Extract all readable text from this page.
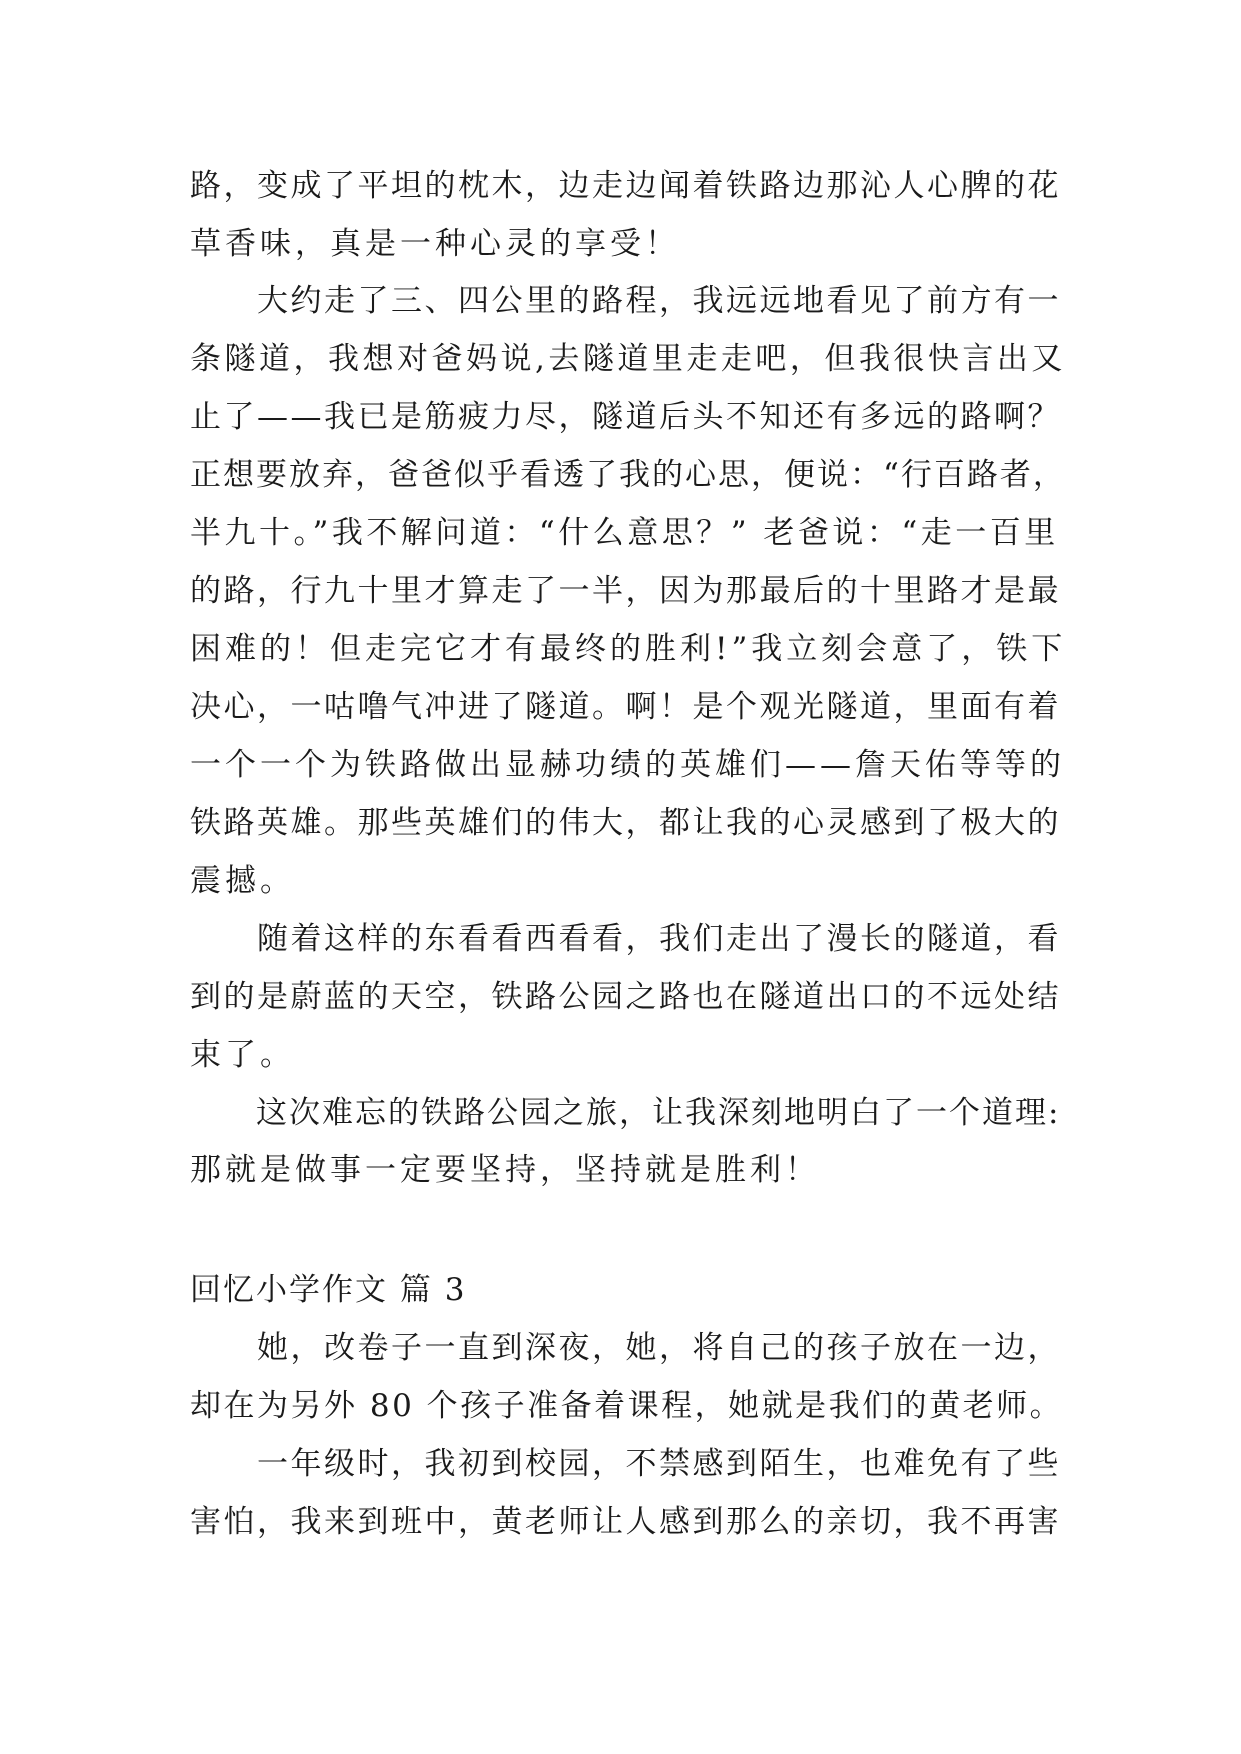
路，变成了平坦的枕木，边走边闻着铁路边那沁人心脾的花
草香味，真是一种心灵的享受！
　　大约走了三、四公里的路程，我远远地看见了前方有一
条隧道，我想对爸妈说,去隧道里走走吧，但我很快言出又
止了——我已是筋疲力尽，隧道后头不知还有多远的路啊？
正想要放弃，爸爸似乎看透了我的心思，便说：“行百路者，
半九十。”我不解问道：“什么意思？” 老爸说：“走一百里
的路，行九十里才算走了一半，因为那最后的十里路才是最
困难的！但走完它才有最终的胜利!”我立刻会意了，铁下
决心，一咕噜气冲进了隧道。啊！是个观光隧道，里面有着
一个一个为铁路做出显赫功绩的英雄们——詹天佑等等的
铁路英雄。那些英雄们的伟大，都让我的心灵感到了极大的
震撼。
　　随着这样的东看看西看看，我们走出了漫长的隧道，看
到的是蔚蓝的天空，铁路公园之路也在隧道出口的不远处结
束了。
　　这次难忘的铁路公园之旅，让我深刻地明白了一个道理:
那就是做事一定要坚持，坚持就是胜利！
回忆小学作文 篇 3
　　她，改卷子一直到深夜，她，将自己的孩子放在一边，
却在为另外 80 个孩子准备着课程，她就是我们的黄老师。
　　一年级时，我初到校园，不禁感到陌生，也难免有了些
害怕，我来到班中，黄老师让人感到那么的亲切，我不再害
